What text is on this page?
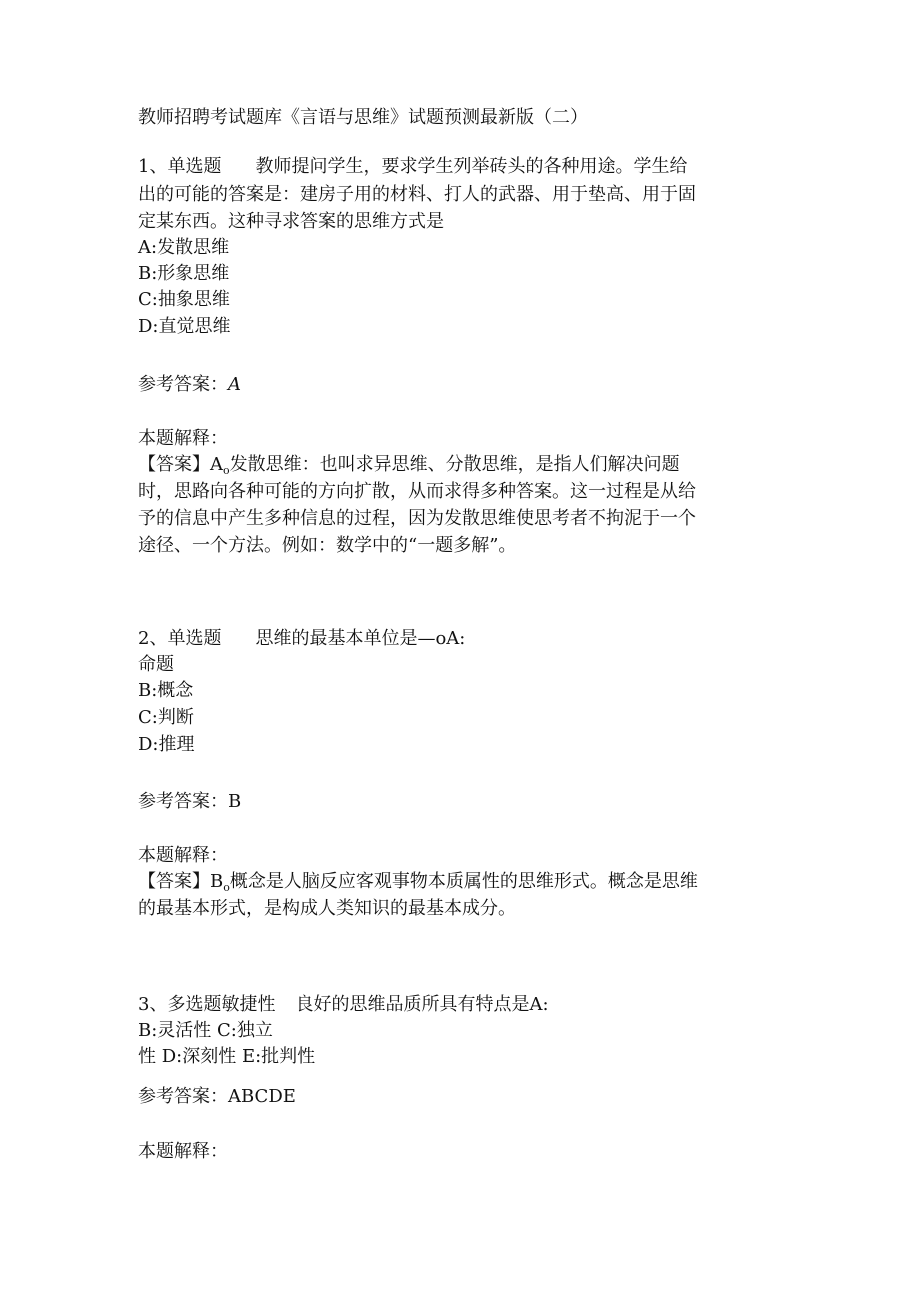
教师招聘考试题库《言语与思维》试题预测最新版（二）
1、单选题 教师提问学生，要求学生列举砖头的各种用途。学生给
出的可能的答案是：建房子用的材料、打人的武器、用于垫高、用于固
定某东西。这种寻求答案的思维方式是
A:发散思维
B:形象思维
C:抽象思维
D:直觉思维
参考答案：A
本题解释：
【答案】$A_o$发散思维：也叫求异思维、分散思维，是指人们解决问题
时，思路向各种可能的方向扩散，从而求得多种答案。这一过程是从给
予的信息中产生多种信息的过程，因为发散思维使思考者不拘泥于一个
途径、一个方法。例如：数学中的“一题多解”。
2、单选题 思维的最基本单位是—oA:
命题
B:概念
C:判断
D:推理
参考答案：B
本题解释：
【答案】$B_o$概念是人脑反应客观事物本质属性的思维形式。概念是思维
的最基本形式，是构成人类知识的最基本成分。
3、多选题敏捷性 良好的思维品质所具有特点是A:
B:灵活性 C:独立
性 D:深刻性 E:批判性
参考答案：ABCDE
本题解释：
